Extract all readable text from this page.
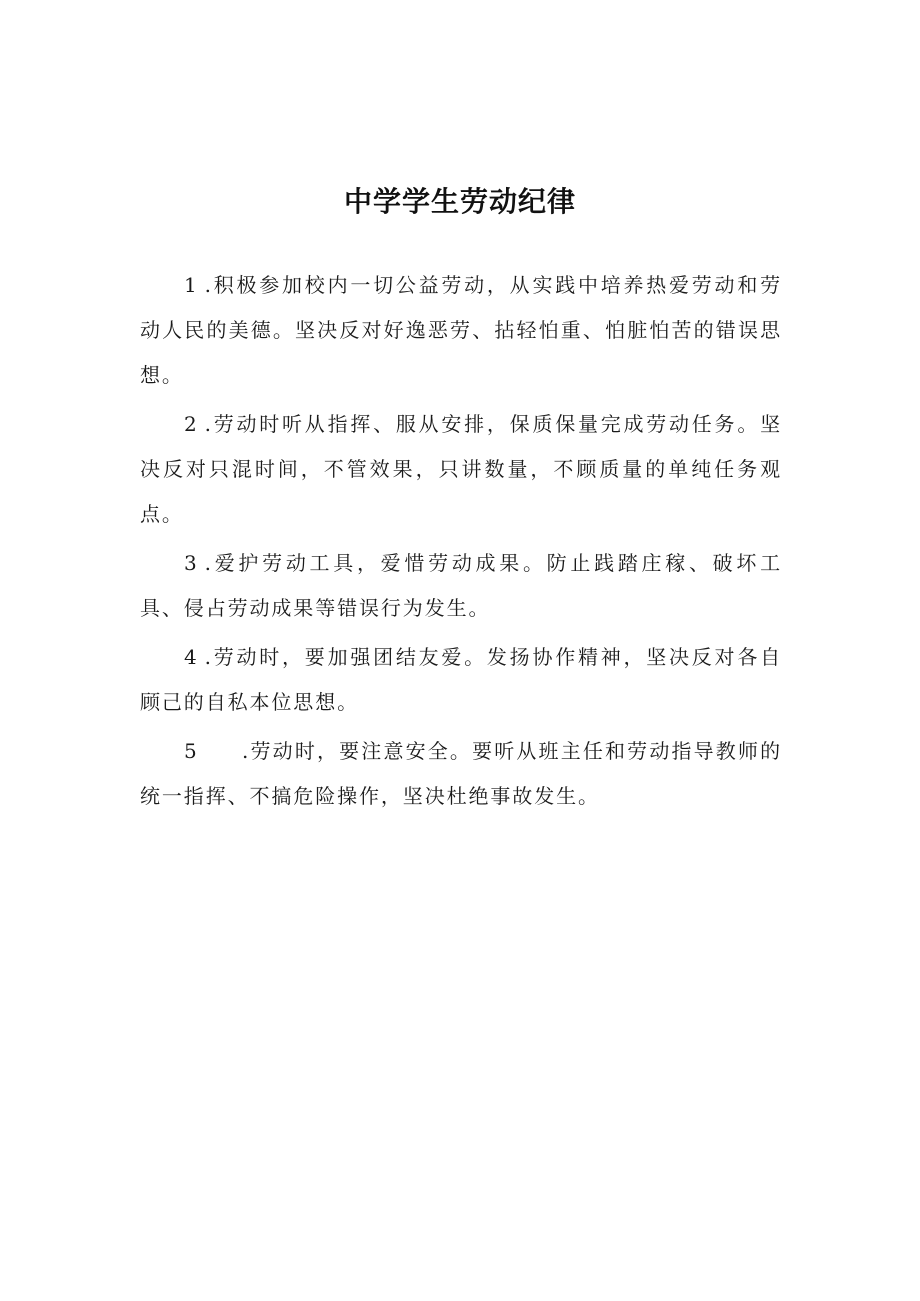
中学学生劳动纪律

1 .积极参加校内一切公益劳动，从实践中培养热爱劳动和劳动人民的美德。坚决反对好逸恶劳、拈轻怕重、怕脏怕苦的错误思想。

2 .劳动时听从指挥、服从安排，保质保量完成劳动任务。坚决反对只混时间，不管效果，只讲数量，不顾质量的单纯任务观点。

3 .爱护劳动工具，爱惜劳动成果。防止践踏庄稼、破坏工具、侵占劳动成果等错误行为发生。

4 .劳动时，要加强团结友爱。发扬协作精神，坚决反对各自顾己的自私本位思想。

5 .劳动时，要注意安全。要听从班主任和劳动指导教师的统一指挥、不搞危险操作，坚决杜绝事故发生。
